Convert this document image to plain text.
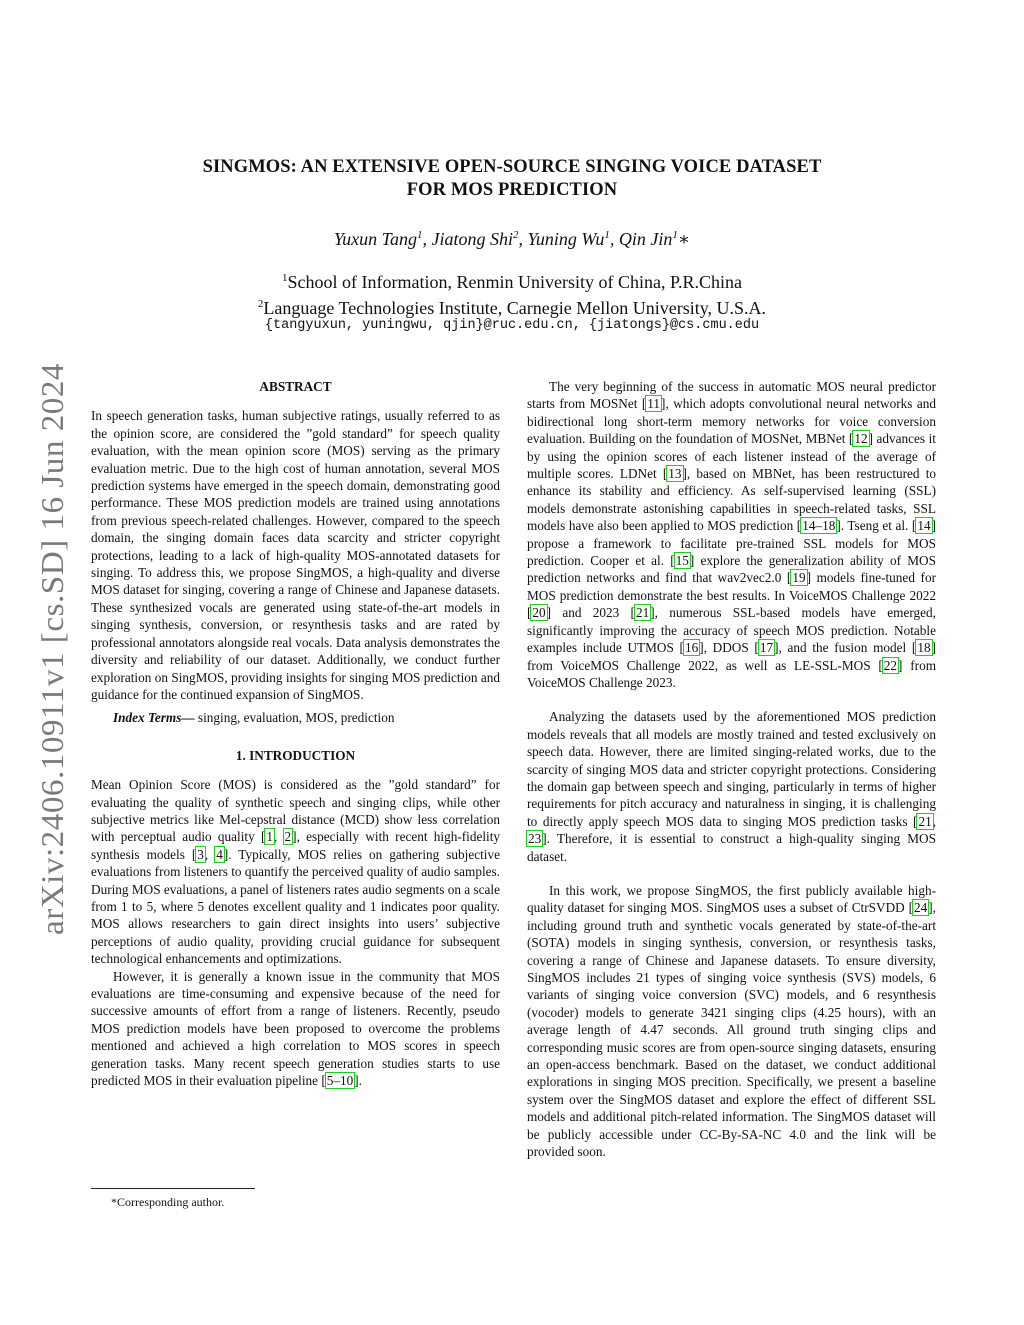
arXiv:2406.10911v1 [cs.SD] 16 Jun 2024
SINGMOS: AN EXTENSIVE OPEN-SOURCE SINGING VOICE DATASET
FOR MOS PREDICTION
Yuxun Tang$^1$, Jiatong Shi$^2$, Yuning Wu$^1$, Qin Jin$^1$∗
$^1$School of Information, Renmin University of China, P.R.China
$^2$Language Technologies Institute, Carnegie Mellon University, U.S.A.
{tangyuxun, yuningwu, qjin}@ruc.edu.cn, {jiatongs}@cs.cmu.edu
ABSTRACT

In speech generation tasks, human subjective ratings, usually referred to as the opinion score, are considered the ”gold standard” for speech quality evaluation, with the mean opinion score (MOS) serving as the primary evaluation metric. Due to the high cost of human annotation, several MOS prediction systems have emerged in the speech domain, demonstrating good performance. These MOS prediction models are trained using annotations from previous speech-related challenges. However, compared to the speech domain, the singing domain faces data scarcity and stricter copyright protections, leading to a lack of high-quality MOS-annotated datasets for singing. To address this, we propose SingMOS, a high-quality and diverse MOS dataset for singing, covering a range of Chinese and Japanese datasets. These synthesized vocals are generated using state-of-the-art models in singing synthesis, conversion, or resynthesis tasks and are rated by professional annotators alongside real vocals. Data analysis demonstrates the diversity and reliability of our dataset. Additionally, we conduct further exploration on SingMOS, providing insights for singing MOS prediction and guidance for the continued expansion of SingMOS.

Index Terms— singing, evaluation, MOS, prediction

1. INTRODUCTION

Mean Opinion Score (MOS) is considered as the ”gold standard” for evaluating the quality of synthetic speech and singing clips, while other subjective metrics like Mel-cepstral distance (MCD) show less correlation with perceptual audio quality [1, 2], especially with recent high-fidelity synthesis models [3, 4]. Typically, MOS relies on gathering subjective evaluations from listeners to quantify the perceived quality of audio samples. During MOS evaluations, a panel of listeners rates audio segments on a scale from 1 to 5, where 5 denotes excellent quality and 1 indicates poor quality. MOS allows researchers to gain direct insights into users’ subjective perceptions of audio quality, providing crucial guidance for subsequent technological enhancements and optimizations.

However, it is generally a known issue in the community that MOS evaluations are time-consuming and expensive because of the need for successive amounts of effort from a range of listeners. Recently, pseudo MOS prediction models have been proposed to overcome the problems mentioned and achieved a high correlation to MOS scores in speech generation tasks. Many recent speech generation studies starts to use predicted MOS in their evaluation pipeline [5–10].

The very beginning of the success in automatic MOS neural predictor starts from MOSNet [11], which adopts convolutional neural networks and bidirectional long short-term memory networks for voice conversion evaluation. Building on the foundation of MOSNet, MBNet [12] advances it by using the opinion scores of each listener instead of the average of multiple scores. LDNet [13], based on MBNet, has been restructured to enhance its stability and efficiency. As self-supervised learning (SSL) models demonstrate astonishing capabilities in speech-related tasks, SSL models have also been applied to MOS prediction [14–18]. Tseng et al. [14] propose a framework to facilitate pre-trained SSL models for MOS prediction. Cooper et al. [15] explore the generalization ability of MOS prediction networks and find that wav2vec2.0 [19] models fine-tuned for MOS prediction demonstrate the best results. In VoiceMOS Challenge 2022 [20] and 2023 [21], numerous SSL-based models have emerged, significantly improving the accuracy of speech MOS prediction. Notable examples include UTMOS [16], DDOS [17], and the fusion model [18] from VoiceMOS Challenge 2022, as well as LE-SSL-MOS [22] from VoiceMOS Challenge 2023.

Analyzing the datasets used by the aforementioned MOS prediction models reveals that all models are mostly trained and tested exclusively on speech data. However, there are limited singing-related works, due to the scarcity of singing MOS data and stricter copyright protections. Considering the domain gap between speech and singing, particularly in terms of higher requirements for pitch accuracy and naturalness in singing, it is challenging to directly apply speech MOS data to singing MOS prediction tasks [21, 23]. Therefore, it is essential to construct a high-quality singing MOS dataset.

In this work, we propose SingMOS, the first publicly available high-quality dataset for singing MOS. SingMOS uses a subset of CtrSVDD [24], including ground truth and synthetic vocals generated by state-of-the-art (SOTA) models in singing synthesis, conversion, or resynthesis tasks, covering a range of Chinese and Japanese datasets. To ensure diversity, SingMOS includes 21 types of singing voice synthesis (SVS) models, 6 variants of singing voice conversion (SVC) models, and 6 resynthesis (vocoder) models to generate 3421 singing clips (4.25 hours), with an average length of 4.47 seconds. All ground truth singing clips and corresponding music scores are from open-source singing datasets, ensuring an open-access benchmark. Based on the dataset, we conduct additional explorations in singing MOS precition. Specifically, we present a baseline system over the SingMOS dataset and explore the effect of different SSL models and additional pitch-related information. The SingMOS dataset will be publicly accessible under CC-By-SA-NC 4.0 and the link will be provided soon.

*Corresponding author.
